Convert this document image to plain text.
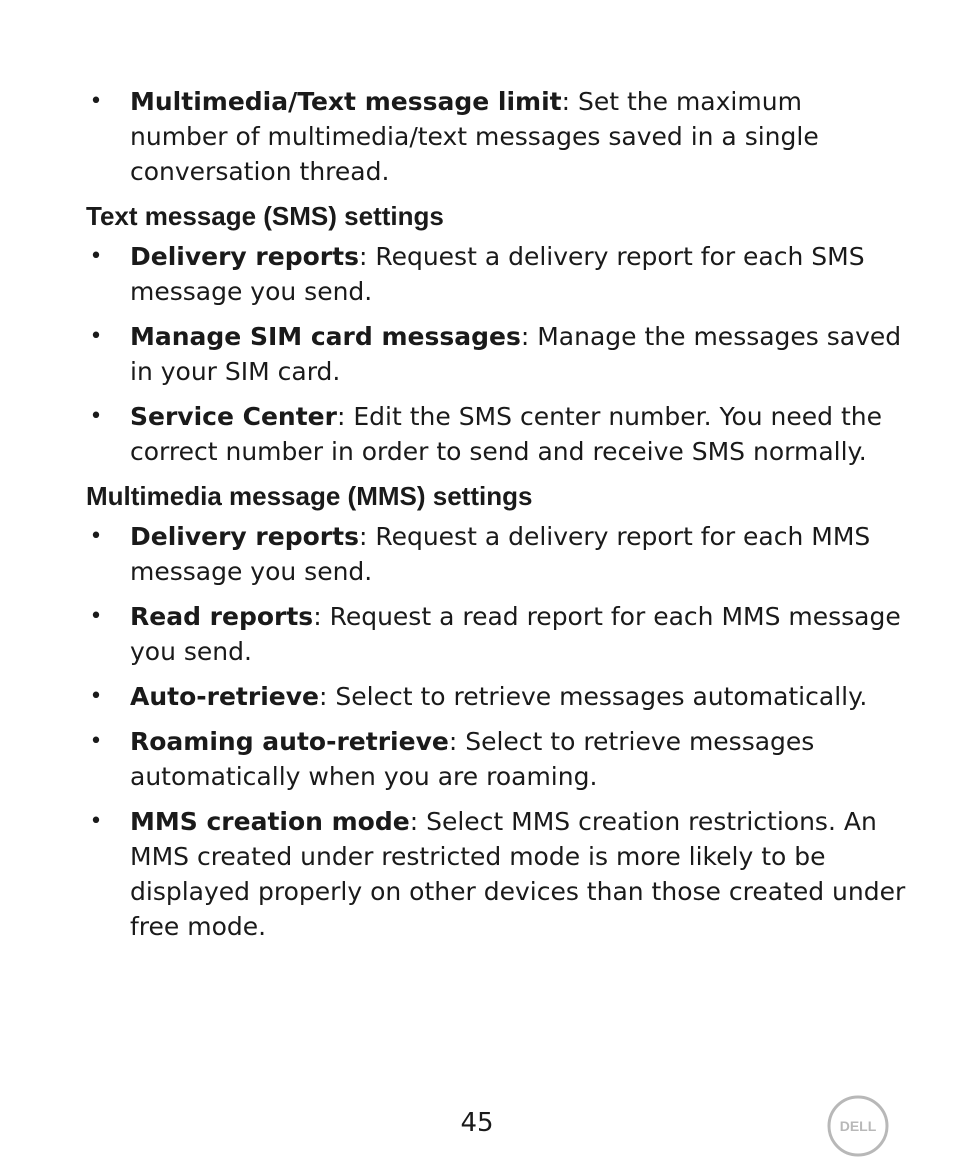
• Multimedia/Text message limit: Set the maximum number of multimedia/text messages saved in a single conversation thread.
Text message (SMS) settings
• Delivery reports: Request a delivery report for each SMS message you send.
• Manage SIM card messages: Manage the messages saved in your SIM card.
• Service Center: Edit the SMS center number. You need the correct number in order to send and receive SMS normally.
Multimedia message (MMS) settings
• Delivery reports: Request a delivery report for each MMS message you send.
• Read reports: Request a read report for each MMS message you send.
• Auto-retrieve: Select to retrieve messages automatically.
• Roaming auto-retrieve: Select to retrieve messages automatically when you are roaming.
• MMS creation mode: Select MMS creation restrictions. An MMS created under restricted mode is more likely to be displayed properly on other devices than those created under free mode.
45	DELL
